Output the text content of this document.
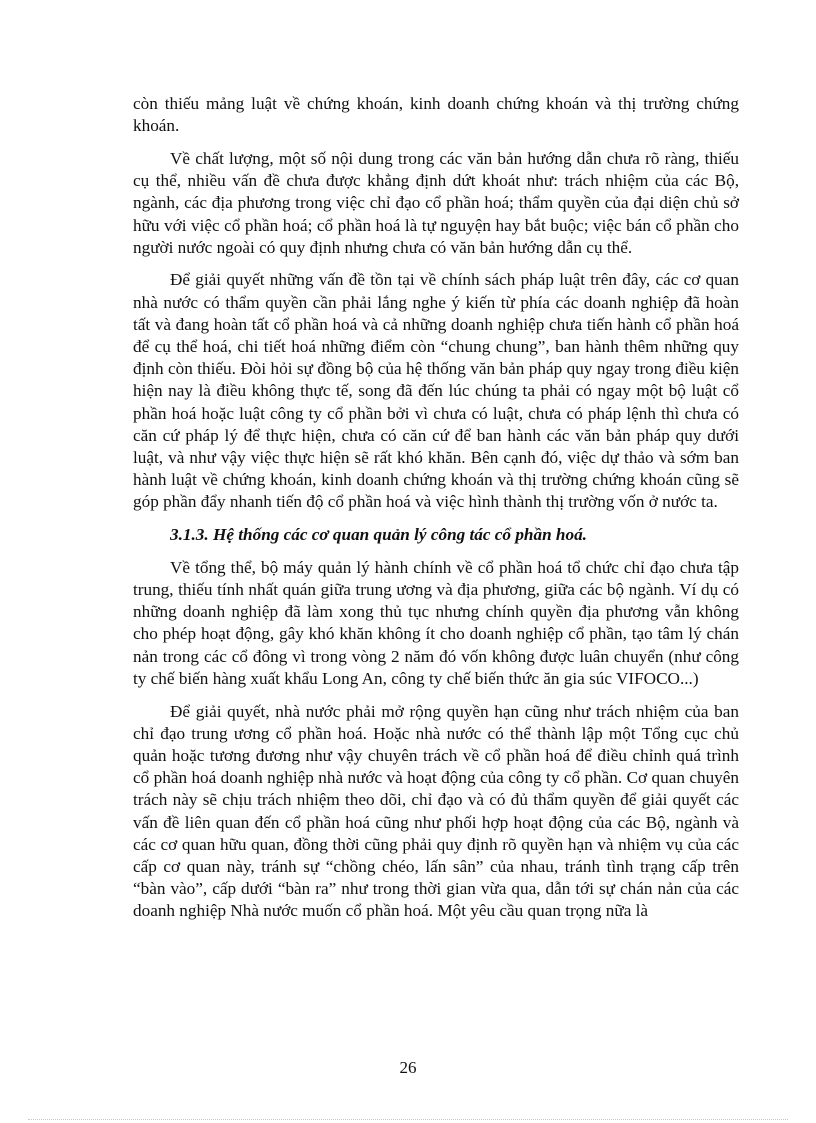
còn thiếu mảng luật về chứng khoán, kinh doanh chứng khoán và thị trường chứng khoán.

Về chất lượng, một số nội dung trong các văn bản hướng dẫn chưa rõ ràng, thiếu cụ thể, nhiều vấn đề chưa được khẳng định dứt khoát như: trách nhiệm của các Bộ, ngành, các địa phương trong việc chỉ đạo cổ phần hoá; thẩm quyền của đại diện chủ sở hữu với việc cổ phần hoá; cổ phần hoá là tự nguyện hay bắt buộc; việc bán cổ phần cho người nước ngoài có quy định nhưng chưa có văn bản hướng dẫn cụ thể.

Để giải quyết những vấn đề tồn tại về chính sách pháp luật trên đây, các cơ quan nhà nước có thẩm quyền cần phải lắng nghe ý kiến từ phía các doanh nghiệp đã hoàn tất và đang hoàn tất cổ phần hoá và cả những doanh nghiệp chưa tiến hành cổ phần hoá để cụ thể hoá, chi tiết hoá những điểm còn “chung chung”, ban hành thêm những quy định còn thiếu. Đòi hỏi sự đồng bộ của hệ thống văn bản pháp quy ngay trong điều kiện hiện nay là điều không thực tế, song đã đến lúc chúng ta phải có ngay một bộ luật cổ phần hoá hoặc luật công ty cổ phần bởi vì chưa có luật, chưa có pháp lệnh thì chưa có căn cứ pháp lý để thực hiện, chưa có căn cứ để ban hành các văn bản pháp quy dưới luật, và như vậy việc thực hiện sẽ rất khó khăn. Bên cạnh đó, việc dự thảo và sớm ban hành luật về chứng khoán, kinh doanh chứng khoán và thị trường chứng khoán cũng sẽ góp phần đẩy nhanh tiến độ cổ phần hoá và việc hình thành thị trường vốn ở nước ta.

3.1.3. Hệ thống các cơ quan quản lý công tác cổ phần hoá.

Về tổng thể, bộ máy quản lý hành chính về cổ phần hoá tổ chức chỉ đạo chưa tập trung, thiếu tính nhất quán giữa trung ương và địa phương, giữa các bộ ngành. Ví dụ có những doanh nghiệp đã làm xong thủ tục nhưng chính quyền địa phương vẫn không cho phép hoạt động, gây khó khăn không ít cho doanh nghiệp cổ phần, tạo tâm lý chán nản trong các cổ đông vì trong vòng 2 năm đó vốn không được luân chuyển (như công ty chế biến hàng xuất khẩu Long An, công ty chế biến thức ăn gia súc VIFOCO...)

Để giải quyết, nhà nước phải mở rộng quyền hạn cũng như trách nhiệm của ban chỉ đạo trung ương cổ phần hoá. Hoặc nhà nước có thể thành lập một Tổng cục chủ quản hoặc tương đương như vậy chuyên trách về cổ phần hoá để điều chỉnh quá trình cổ phần hoá doanh nghiệp nhà nước và hoạt động của công ty cổ phần. Cơ quan chuyên trách này sẽ chịu trách nhiệm theo dõi, chỉ đạo và có đủ thẩm quyền để giải quyết các vấn đề liên quan đến cổ phần hoá cũng như phối hợp hoạt động của các Bộ, ngành và các cơ quan hữu quan, đồng thời cũng phải quy định rõ quyền hạn và nhiệm vụ của các cấp cơ quan này, tránh sự “chồng chéo, lấn sân” của nhau, tránh tình trạng cấp trên “bàn vào”, cấp dưới “bàn ra” như trong thời gian vừa qua, dẫn tới sự chán nản của các doanh nghiệp Nhà nước muốn cổ phần hoá. Một yêu cầu quan trọng nữa là

26
